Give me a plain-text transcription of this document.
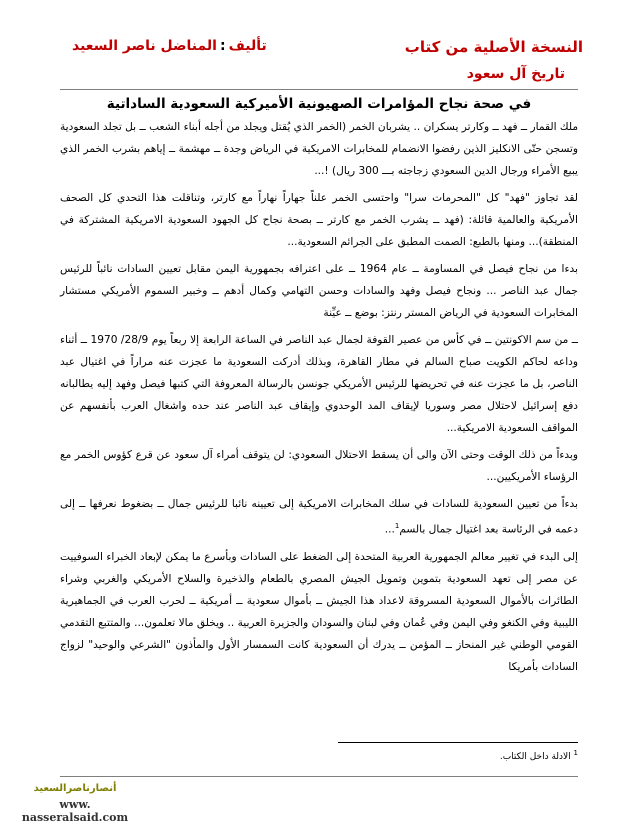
النسخة الأصلية من كتاب
تاريخ آل سعود
تأليف:المناضل ناصر السعيد
في صحة نجاح المؤامرات الصهيونية الأميركية السعودية الساداتية

ملك القمار ــ فهد ــ وكارتر يسكران .. يشربان الخمر (الخمر الذي يُقتل ويجلد من أجله أبناء الشعب ــ بل تجلد السعودية وتسجن حتّى الانكليز الذين رفضوا الانضمام للمخابرات الامريكية في الرياض وجدة ــ مهشمة ــ إياهم بشرب الخمر الذي يبيع الأمراء ورجال الدين السعودي زجاجته بـــ 300 ريال) !...

لقد تجاوز "فهد" كل "المحرمات سرا" واحتسى الخمر علناً جهاراً نهاراً مع كارتر، وتناقلت هذا التحدي كل الصحف الأمريكية والعالمية قائلة: (فهد ــ يشرب الخمر مع كارتر ــ بصحة نجاح كل الجهود السعودية الامريكية المشتركة في المنطقة)... ومنها بالطبع: الصمت المطبق على الجرائم السعودية...

بدءا من نجاح فيصل في المساومة ــ عام 1964 ــ على اعترافه بجمهورية اليمن مقابل تعيين السادات نائباً للرئيس جمال عبد الناصر ... ونجاح فيصل وفهد والسادات وحسن التهامي وكمال أدهم ــ وخبير السموم الأمريكي مستشار المخابرات السعودية في الرياض المستر رنتز: بوضع ــ عيِّنة

ــ من سم الاكونتين ــ في كأس من عصير القوفة لجمال عبد الناصر في الساعة الرابعة إلا ربعاً يوم 28/9/ 1970 ــ أثناء وداعه لحاكم الكويت صباح السالم في مطار القاهرة، وبذلك أدركت السعودية ما عجزت عنه مراراً في اغتيال عبد الناصر، بل ما عجزت عنه في تحريضها للرئيس الأمريكي جونسن بالرسالة المعروفة التي كتبها فيصل وفهد إليه يطالبانه دفع إسرائيل لاحتلال مصر وسوريا لإيقاف المد الوحدوي وإيقاف عبد الناصر عند حده واشغال العرب بأنفسهم عن المواقف السعودية الامريكية...

وبدءاً من ذلك الوقت وحتى الآن والى أن يسقط الاحتلال السعودي: لن يتوقف أمراء آل سعود عن قرع كؤوس الخمر مع الرؤساء الأمريكيين...

بدءاً من تعيين السعودية للسادات في سلك المخابرات الامريكية إلى تعيينه نائبا للرئيس جمال ــ بضغوط نعرفها ــ إلى دعمه في الرئاسة بعد اغتيال جمال بالسم$^1$...

إلى البدء في تغيير معالم الجمهورية العربية المتحدة إلى الضغط على السادات وبأسرع ما يمكن لإبعاد الخبراء السوفييت عن مصر إلى تعهد السعودية بتموين وتمويل الجيش المصري بالطعام والذخيرة والسلاح الأمريكي والغربي وشراء الطائرات بالأموال السعودية المسروقة لاعداد هذا الجيش ــ بأموال سعودية ــ أمريكية ــ لحرب العرب في الجماهيرية الليبية وفي الكنغو وفي اليمن وفي عُمان وفي لبنان والسودان والجزيرة العربية .. ويخلق مالا تعلمون... والمتتبع التقدمي القومي الوطني غير المنحاز ــ المؤمن ــ يدرك أن السعودية كانت السمسار الأول والمأذون "الشرعي والوحيد" لزواج السادات بأمريكا

$^1$ الادلة داخل الكتاب.
أنصارناصرالسعيد
www. nasseralsaid.com
